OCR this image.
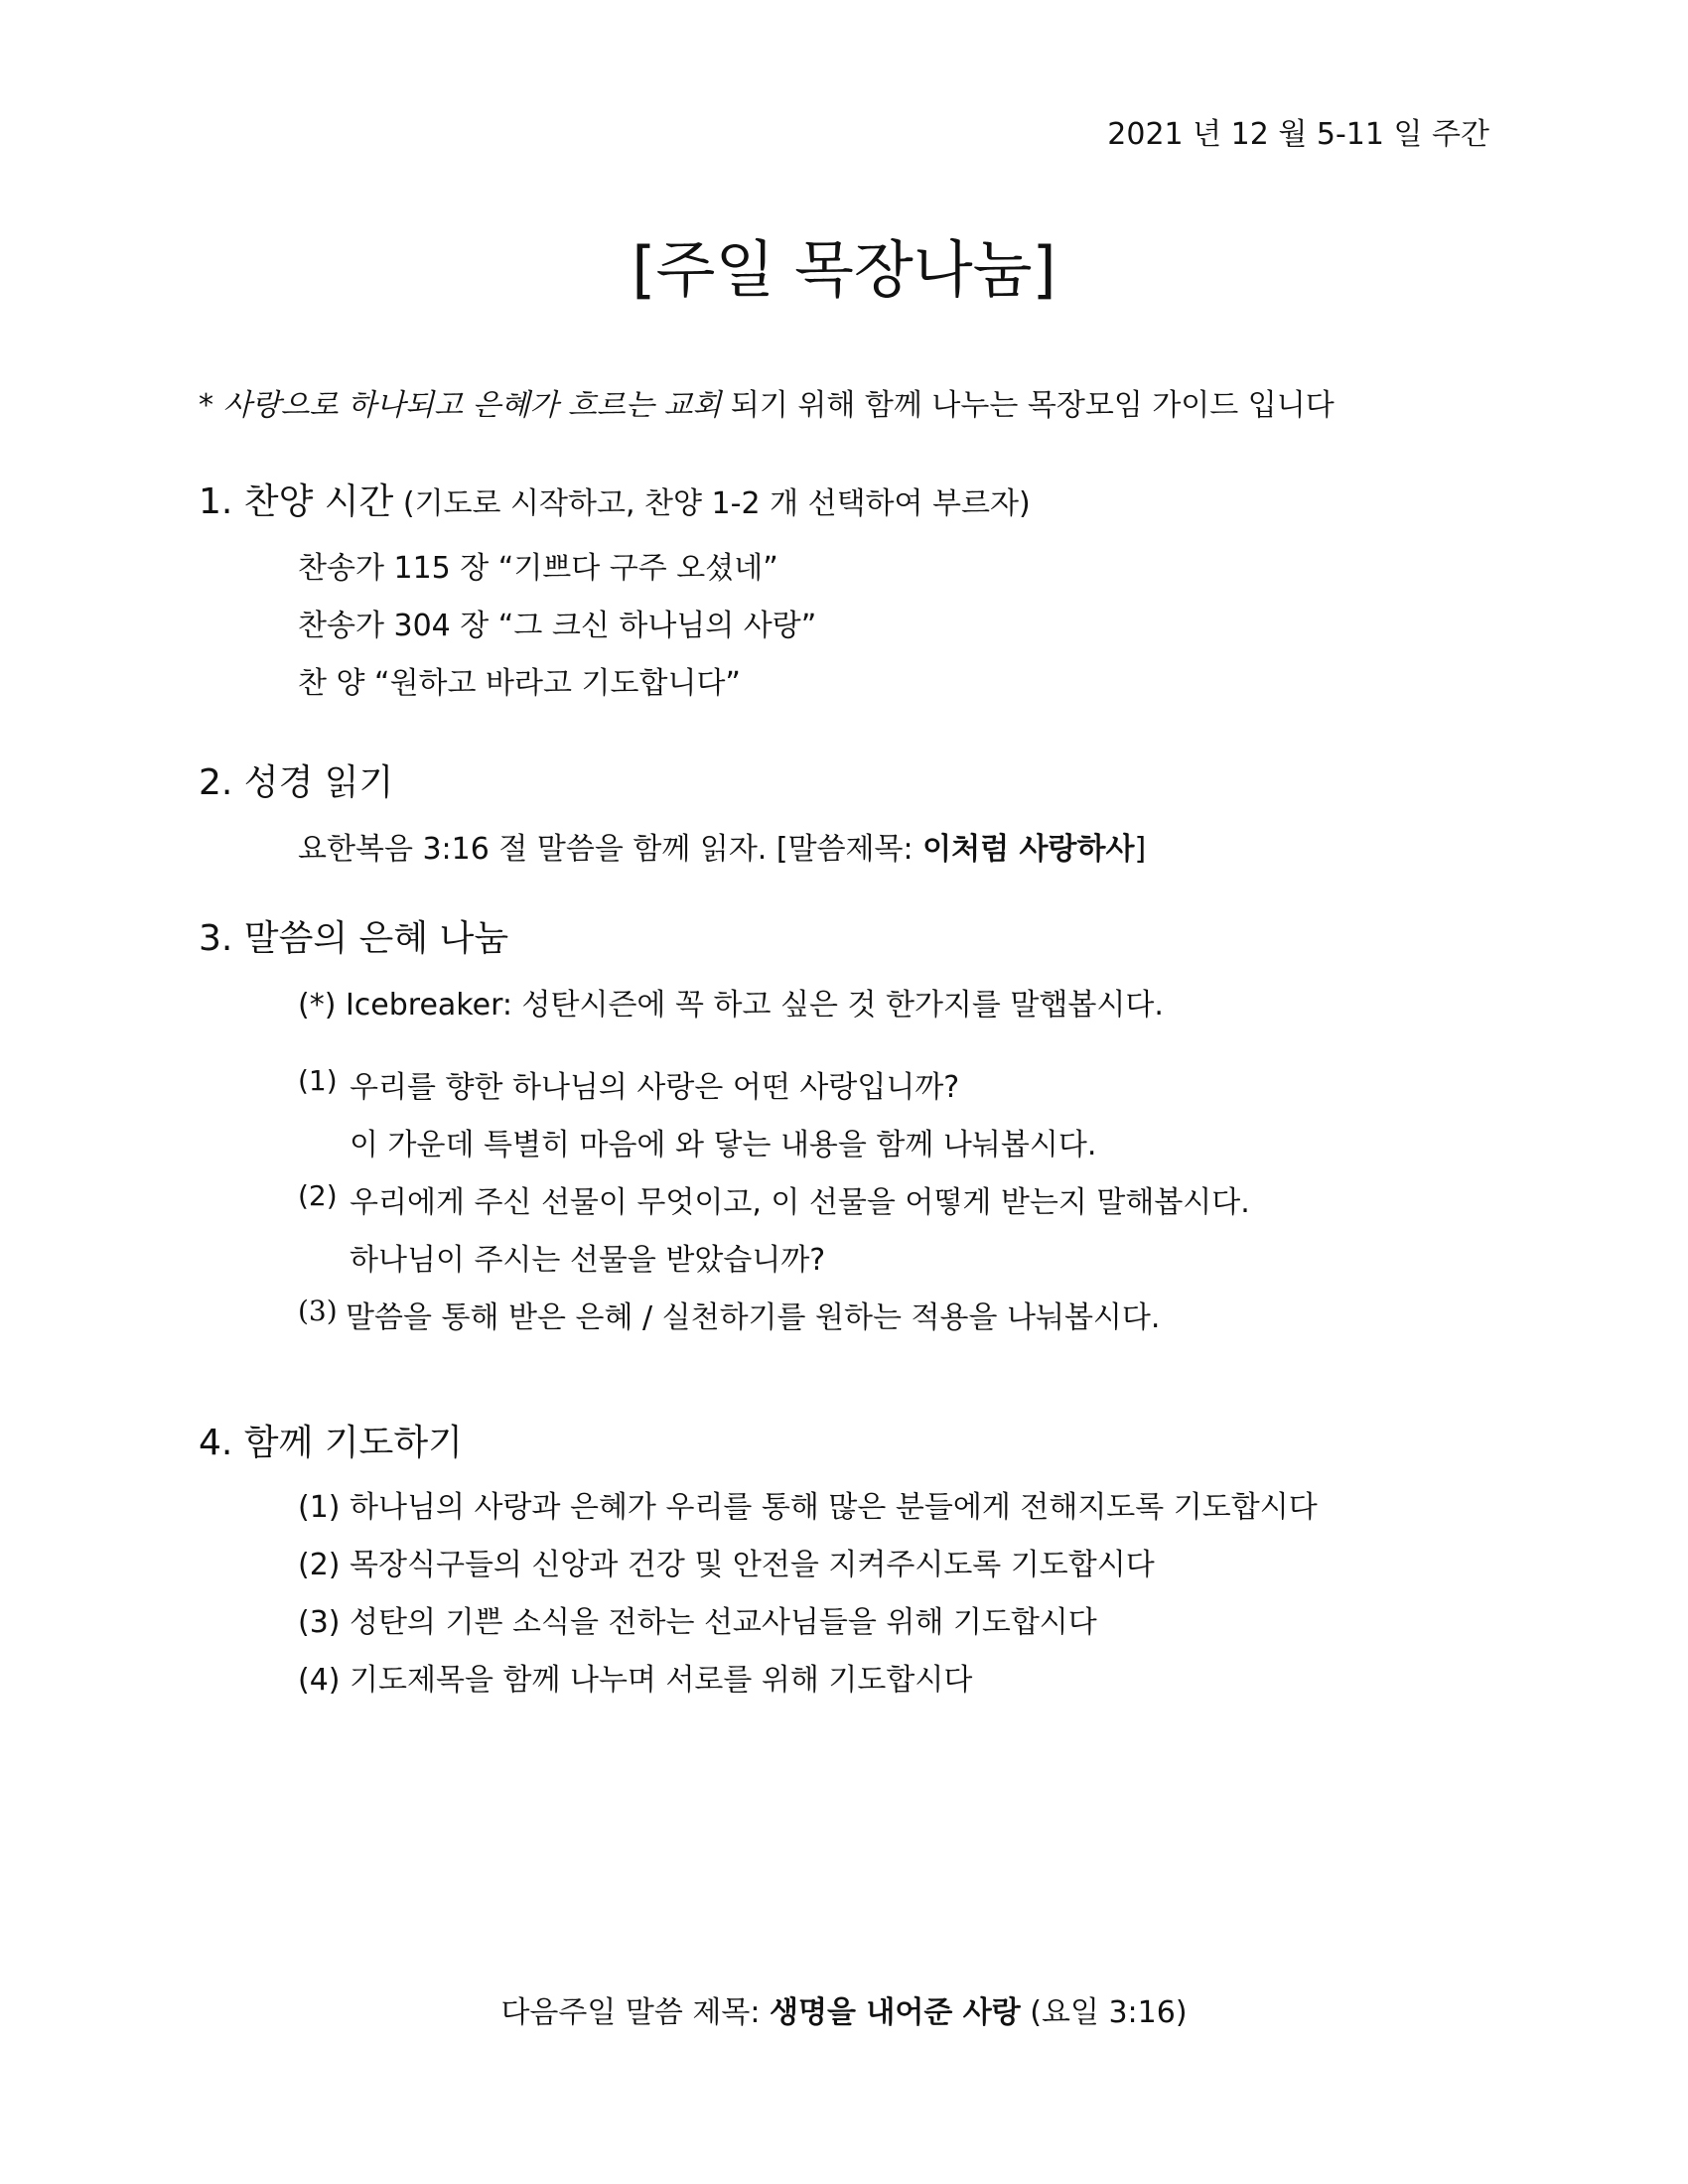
2021 년 12 월 5-11 일 주간
[주일 목장나눔]
* 사랑으로 하나되고 은혜가 흐르는 교회 되기 위해 함께 나누는 목장모임 가이드 입니다
1. 찬양 시간 (기도로 시작하고, 찬양 1-2 개 선택하여 부르자)
찬송가 115 장 “기쁘다 구주 오셨네”
찬송가 304 장 “그 크신 하나님의 사랑”
찬 양 “원하고 바라고 기도합니다”
2. 성경 읽기
요한복음 3:16 절 말씀을 함께 읽자. [말씀제목: 이처럼 사랑하사]
3. 말씀의 은혜 나눔
(*) Icebreaker: 성탄시즌에 꼭 하고 싶은 것 한가지를 말햅봅시다.
(1) 우리를 향한 하나님의 사랑은 어떤 사랑입니까?
이 가운데 특별히 마음에 와 닿는 내용을 함께 나눠봅시다.
(2) 우리에게 주신 선물이 무엇이고, 이 선물을 어떻게 받는지 말해봅시다.
하나님이 주시는 선물을 받았습니까?
(3) 말씀을 통해 받은 은혜 / 실천하기를 원하는 적용을 나눠봅시다.
4. 함께 기도하기
(1) 하나님의 사랑과 은혜가 우리를 통해 많은 분들에게 전해지도록 기도합시다
(2) 목장식구들의 신앙과 건강 및 안전을 지켜주시도록 기도합시다
(3) 성탄의 기쁜 소식을 전하는 선교사님들을 위해 기도합시다
(4) 기도제목을 함께 나누며 서로를 위해 기도합시다
다음주일 말씀 제목: 생명을 내어준 사랑 (요일 3:16)
